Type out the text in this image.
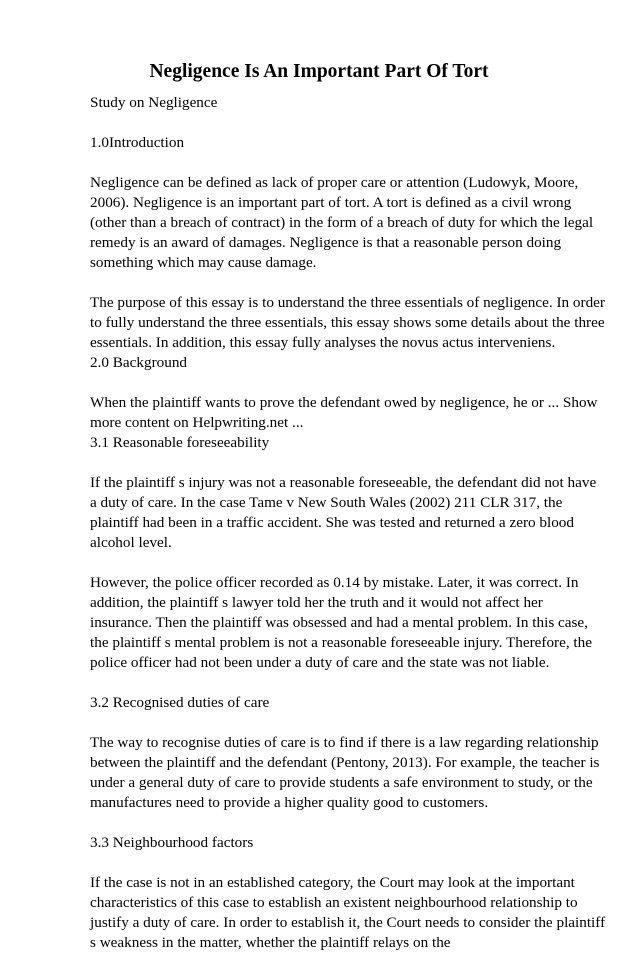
Negligence Is An Important Part Of Tort

Study on Negligence

1.0Introduction

Negligence can be defined as lack of proper care or attention (Ludowyk, Moore,

2006). Negligence is an important part of tort. A tort is defined as a civil wrong

(other than a breach of contract) in the form of a breach of duty for which the legal

remedy is an award of damages. Negligence is that a reasonable person doing

something which may cause damage.

The purpose of this essay is to understand the three essentials of negligence. In order

to fully understand the three essentials, this essay shows some details about the three

essentials. In addition, this essay fully analyses the novus actus interveniens.

2.0 Background

When the plaintiff wants to prove the defendant owed by negligence, he or ... Show

more content on Helpwriting.net ...

3.1 Reasonable foreseeability

If the plaintiff s injury was not a reasonable foreseeable, the defendant did not have

a duty of care. In the case Tame v New South Wales (2002) 211 CLR 317, the

plaintiff had been in a traffic accident. She was tested and returned a zero blood

alcohol level.

However, the police officer recorded as 0.14 by mistake. Later, it was correct. In

addition, the plaintiff s lawyer told her the truth and it would not affect her

insurance. Then the plaintiff was obsessed and had a mental problem. In this case,

the plaintiff s mental problem is not a reasonable foreseeable injury. Therefore, the

police officer had not been under a duty of care and the state was not liable.

3.2 Recognised duties of care

The way to recognise duties of care is to find if there is a law regarding relationship

between the plaintiff and the defendant (Pentony, 2013). For example, the teacher is

under a general duty of care to provide students a safe environment to study, or the

manufactures need to provide a higher quality good to customers.

3.3 Neighbourhood factors

If the case is not in an established category, the Court may look at the important

characteristics of this case to establish an existent neighbourhood relationship to

justify a duty of care. In order to establish it, the Court needs to consider the plaintiff

s weakness in the matter, whether the plaintiff relays on the
